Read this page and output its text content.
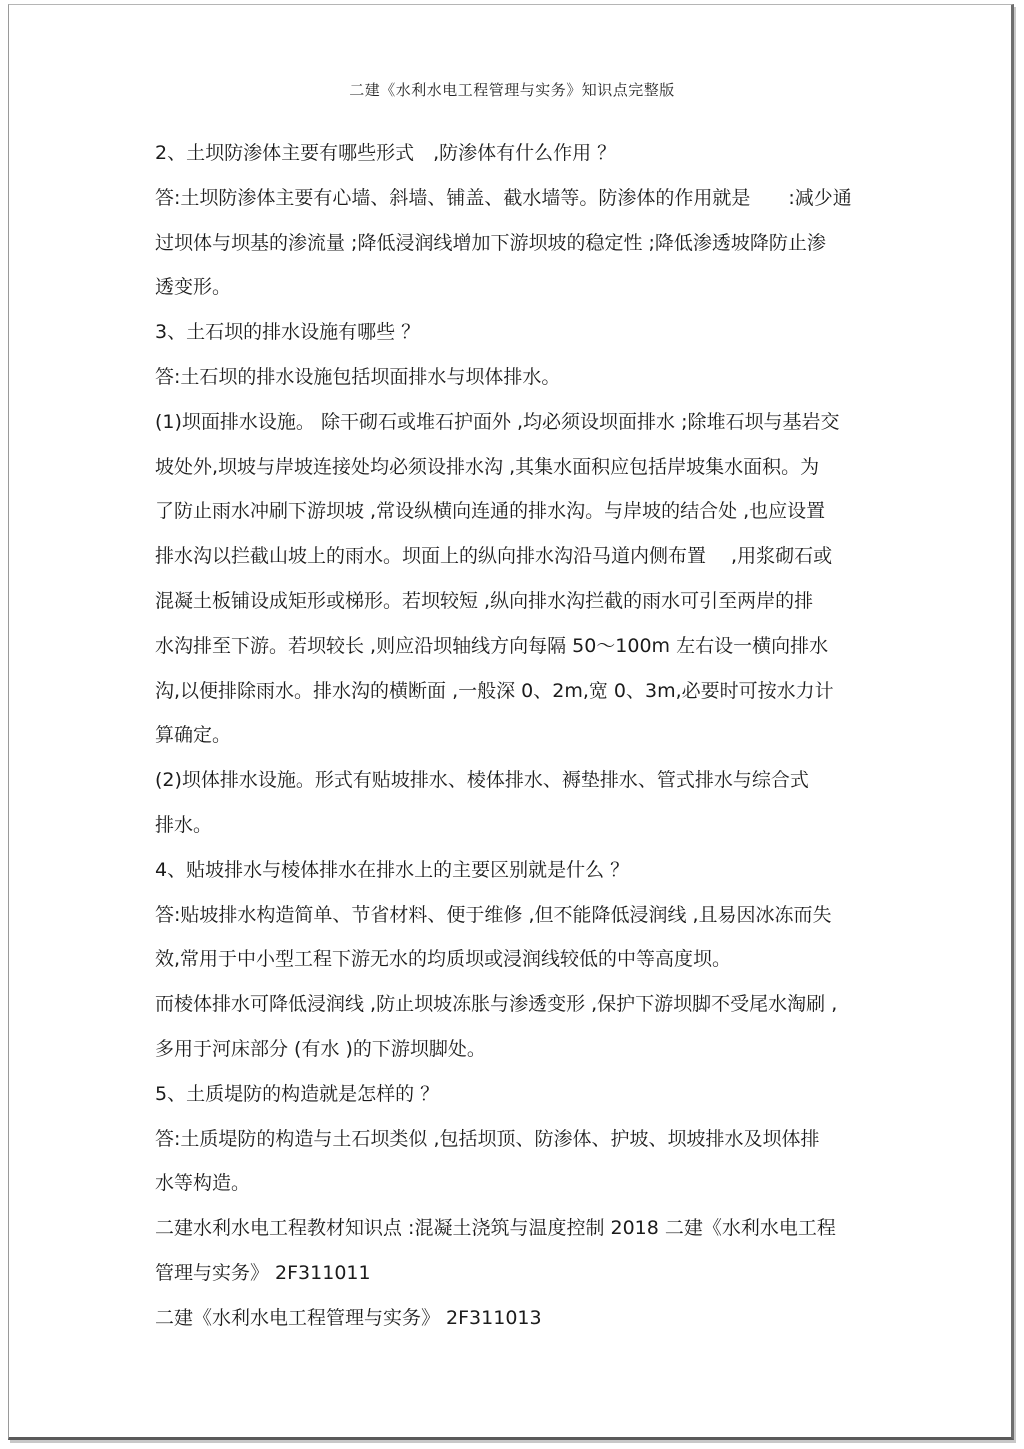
二建《水利水电工程管理与实务》知识点完整版
2、土坝防渗体主要有哪些形式　,防渗体有什么作用 ？
答:土坝防渗体主要有心墙、斜墙、铺盖、截水墙等。防渗体的作用就是　　:减少通
过坝体与坝基的渗流量 ;降低浸润线增加下游坝坡的稳定性 ;降低渗透坡降防止渗
透变形。
3、土石坝的排水设施有哪些 ？
答:土石坝的排水设施包括坝面排水与坝体排水。
(1)坝面排水设施。 除干砌石或堆石护面外 ,均必须设坝面排水 ;除堆石坝与基岩交
坡处外,坝坡与岸坡连接处均必须设排水沟 ,其集水面积应包括岸坡集水面积。为
了防止雨水冲刷下游坝坡 ,常设纵横向连通的排水沟。与岸坡的结合处 ,也应设置
排水沟以拦截山坡上的雨水。坝面上的纵向排水沟沿马道内侧布置　 ,用浆砌石或
混凝土板铺设成矩形或梯形。若坝较短 ,纵向排水沟拦截的雨水可引至两岸的排
水沟排至下游。若坝较长 ,则应沿坝轴线方向每隔 50～100m 左右设一横向排水
沟,以便排除雨水。排水沟的横断面 ,一般深 0、2m,宽 0、3m,必要时可按水力计
算确定。
(2)坝体排水设施。形式有贴坡排水、棱体排水、褥垫排水、管式排水与综合式
排水。
4、贴坡排水与棱体排水在排水上的主要区别就是什么 ？
答:贴坡排水构造简单、节省材料、便于维修 ,但不能降低浸润线 ,且易因冰冻而失
效,常用于中小型工程下游无水的均质坝或浸润线较低的中等高度坝。
而棱体排水可降低浸润线 ,防止坝坡冻胀与渗透变形 ,保护下游坝脚不受尾水淘刷 ,
多用于河床部分 (有水 )的下游坝脚处。
5、土质堤防的构造就是怎样的 ？
答:土质堤防的构造与土石坝类似 ,包括坝顶、防渗体、护坡、坝坡排水及坝体排
水等构造。
二建水利水电工程教材知识点 :混凝土浇筑与温度控制 2018 二建《水利水电工程
管理与实务》 2F311011
二建《水利水电工程管理与实务》 2F311013
